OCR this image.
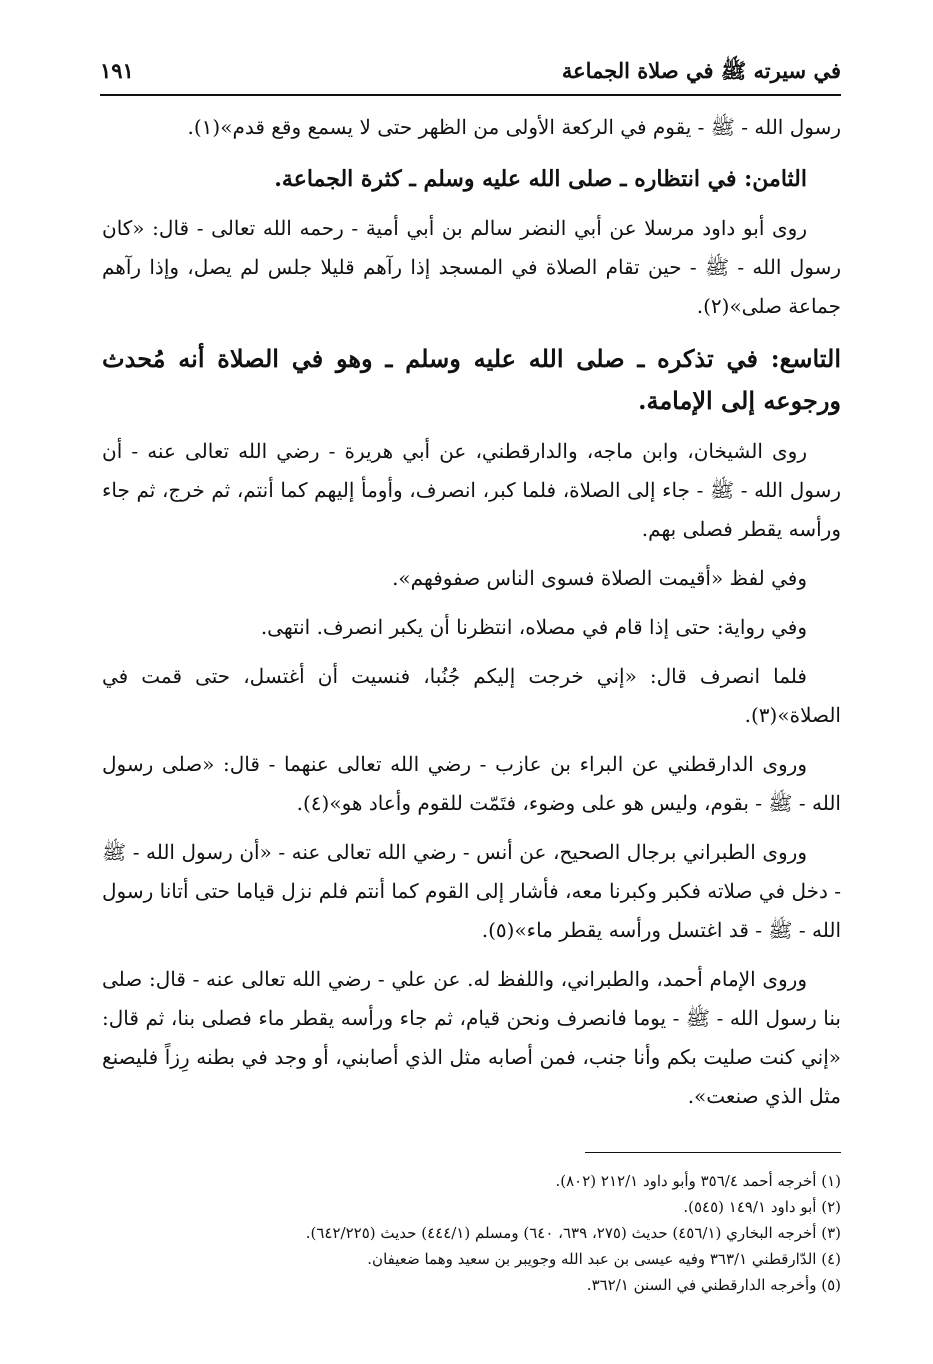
في سيرته ﷺ في صلاة الجماعة
١٩١

رسول الله - ﷺ - يقوم في الركعة الأولى من الظهر حتى لا يسمع وقع قدم»(١).

الثامن: في انتظاره ـ صلى الله عليه وسلم ـ كثرة الجماعة.

روى أبو داود مرسلا عن أبي النضر سالم بن أبي أمية - رحمه الله تعالى - قال: «كان رسول الله - ﷺ - حين تقام الصلاة في المسجد إذا رآهم قليلا جلس لم يصل، وإذا رآهم جماعة صلى»(٢).

التاسع: في تذكره ـ صلى الله عليه وسلم ـ وهو في الصلاة أنه مُحدث ورجوعه إلى الإمامة.

روى الشيخان، وابن ماجه، والدارقطني، عن أبي هريرة - رضي الله تعالى عنه - أن رسول الله - ﷺ - جاء إلى الصلاة، فلما كبر، انصرف، وأومأ إليهم كما أنتم، ثم خرج، ثم جاء ورأسه يقطر فصلى بهم.

وفي لفظ «أقيمت الصلاة فسوى الناس صفوفهم».

وفي رواية: حتى إذا قام في مصلاه، انتظرنا أن يكبر انصرف. انتهى.

فلما انصرف قال: «إني خرجت إليكم جُنُبا، فنسيت أن أغتسل، حتى قمت في الصلاة»(٣).

وروى الدارقطني عن البراء بن عازب - رضي الله تعالى عنهما - قال: «صلى رسول الله - ﷺ - بقوم، وليس هو على وضوء، فتَمّت للقوم وأعاد هو»(٤).

وروى الطبراني برجال الصحيح، عن أنس - رضي الله تعالى عنه - «أن رسول الله - ﷺ - دخل في صلاته فكبر وكبرنا معه، فأشار إلى القوم كما أنتم فلم نزل قياما حتى أتانا رسول الله - ﷺ - قد اغتسل ورأسه يقطر ماء»(٥).

وروى الإمام أحمد، والطبراني، واللفظ له. عن علي - رضي الله تعالى عنه - قال: صلى بنا رسول الله - ﷺ - يوما فانصرف ونحن قيام، ثم جاء ورأسه يقطر ماء فصلى بنا، ثم قال: «إني كنت صليت بكم وأنا جنب، فمن أصابه مثل الذي أصابني، أو وجد في بطنه رِزاً فليصنع مثل الذي صنعت».

(١) أخرجه أحمد ٣٥٦/٤ وأبو داود ٢١٢/١ (٨٠٢).

(٢) أبو داود ١٤٩/١ (٥٤٥).

(٣) أخرجه البخاري (٤٥٦/١) حديث (٢٧٥، ٦٣٩، ٦٤٠) ومسلم (٤٤٤/١) حديث (٦٤٢/٢٢٥).

(٤) الدّارقطني ٣٦٣/١ وفيه عيسى بن عبد الله وجويبر بن سعيد وهما ضعيفان.

(٥) وأخرجه الدارقطني في السنن ٣٦٢/١.
